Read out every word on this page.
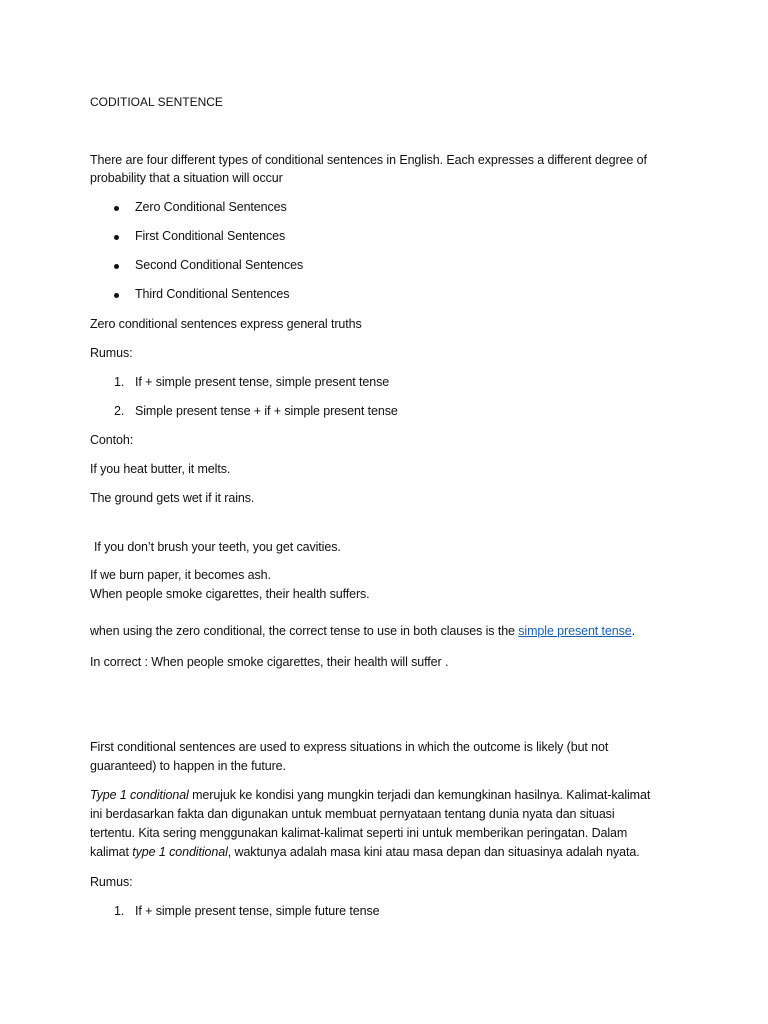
CODITIOAL SENTENCE
There are four different types of conditional sentences in English. Each expresses a different degree of
probability that a situation will occur
Zero Conditional Sentences
First Conditional Sentences
Second Conditional Sentences
Third Conditional Sentences
Zero conditional sentences express general truths
Rumus:
1. If + simple present tense, simple present tense
2. Simple present tense + if + simple present tense
Contoh:
If you heat butter, it melts.
The ground gets wet if it rains.
If you don’t brush your teeth, you get cavities.
If we burn paper, it becomes ash.
When people smoke cigarettes, their health suffers.
when using the zero conditional, the correct tense to use in both clauses is the simple present tense.
In correct : When people smoke cigarettes, their health will suffer .
First conditional sentences are used to express situations in which the outcome is likely (but not
guaranteed) to happen in the future.
Type 1 conditional merujuk ke kondisi yang mungkin terjadi dan kemungkinan hasilnya. Kalimat-kalimat
ini berdasarkan fakta dan digunakan untuk membuat pernyataan tentang dunia nyata dan situasi
tertentu. Kita sering menggunakan kalimat-kalimat seperti ini untuk memberikan peringatan. Dalam
kalimat type 1 conditional, waktunya adalah masa kini atau masa depan dan situasinya adalah nyata.
Rumus:
1. If + simple present tense, simple future tense
